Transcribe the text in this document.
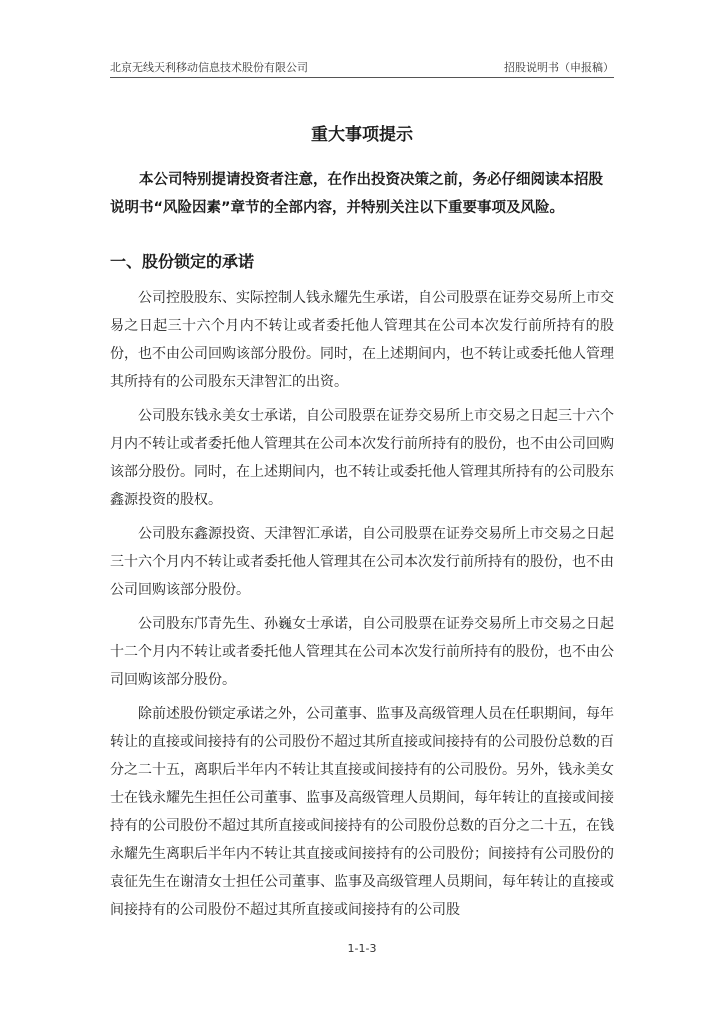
北京无线天利移动信息技术股份有限公司	招股说明书（申报稿）
重大事项提示

本公司特别提请投资者注意，在作出投资决策之前，务必仔细阅读本招股说明书“风险因素”章节的全部内容，并特别关注以下重要事项及风险。

一、股份锁定的承诺

公司控股股东、实际控制人钱永耀先生承诺，自公司股票在证券交易所上市交易之日起三十六个月内不转让或者委托他人管理其在公司本次发行前所持有的股份，也不由公司回购该部分股份。同时，在上述期间内，也不转让或委托他人管理其所持有的公司股东天津智汇的出资。

公司股东钱永美女士承诺，自公司股票在证券交易所上市交易之日起三十六个月内不转让或者委托他人管理其在公司本次发行前所持有的股份，也不由公司回购该部分股份。同时，在上述期间内，也不转让或委托他人管理其所持有的公司股东鑫源投资的股权。

公司股东鑫源投资、天津智汇承诺，自公司股票在证券交易所上市交易之日起三十六个月内不转让或者委托他人管理其在公司本次发行前所持有的股份，也不由公司回购该部分股份。

公司股东邝青先生、孙巍女士承诺，自公司股票在证券交易所上市交易之日起十二个月内不转让或者委托他人管理其在公司本次发行前所持有的股份，也不由公司回购该部分股份。

除前述股份锁定承诺之外，公司董事、监事及高级管理人员在任职期间，每年转让的直接或间接持有的公司股份不超过其所直接或间接持有的公司股份总数的百分之二十五，离职后半年内不转让其直接或间接持有的公司股份。另外，钱永美女士在钱永耀先生担任公司董事、监事及高级管理人员期间，每年转让的直接或间接持有的公司股份不超过其所直接或间接持有的公司股份总数的百分之二十五，在钱永耀先生离职后半年内不转让其直接或间接持有的公司股份；间接持有公司股份的袁征先生在谢清女士担任公司董事、监事及高级管理人员期间，每年转让的直接或间接持有的公司股份不超过其所直接或间接持有的公司股

1-1-3
